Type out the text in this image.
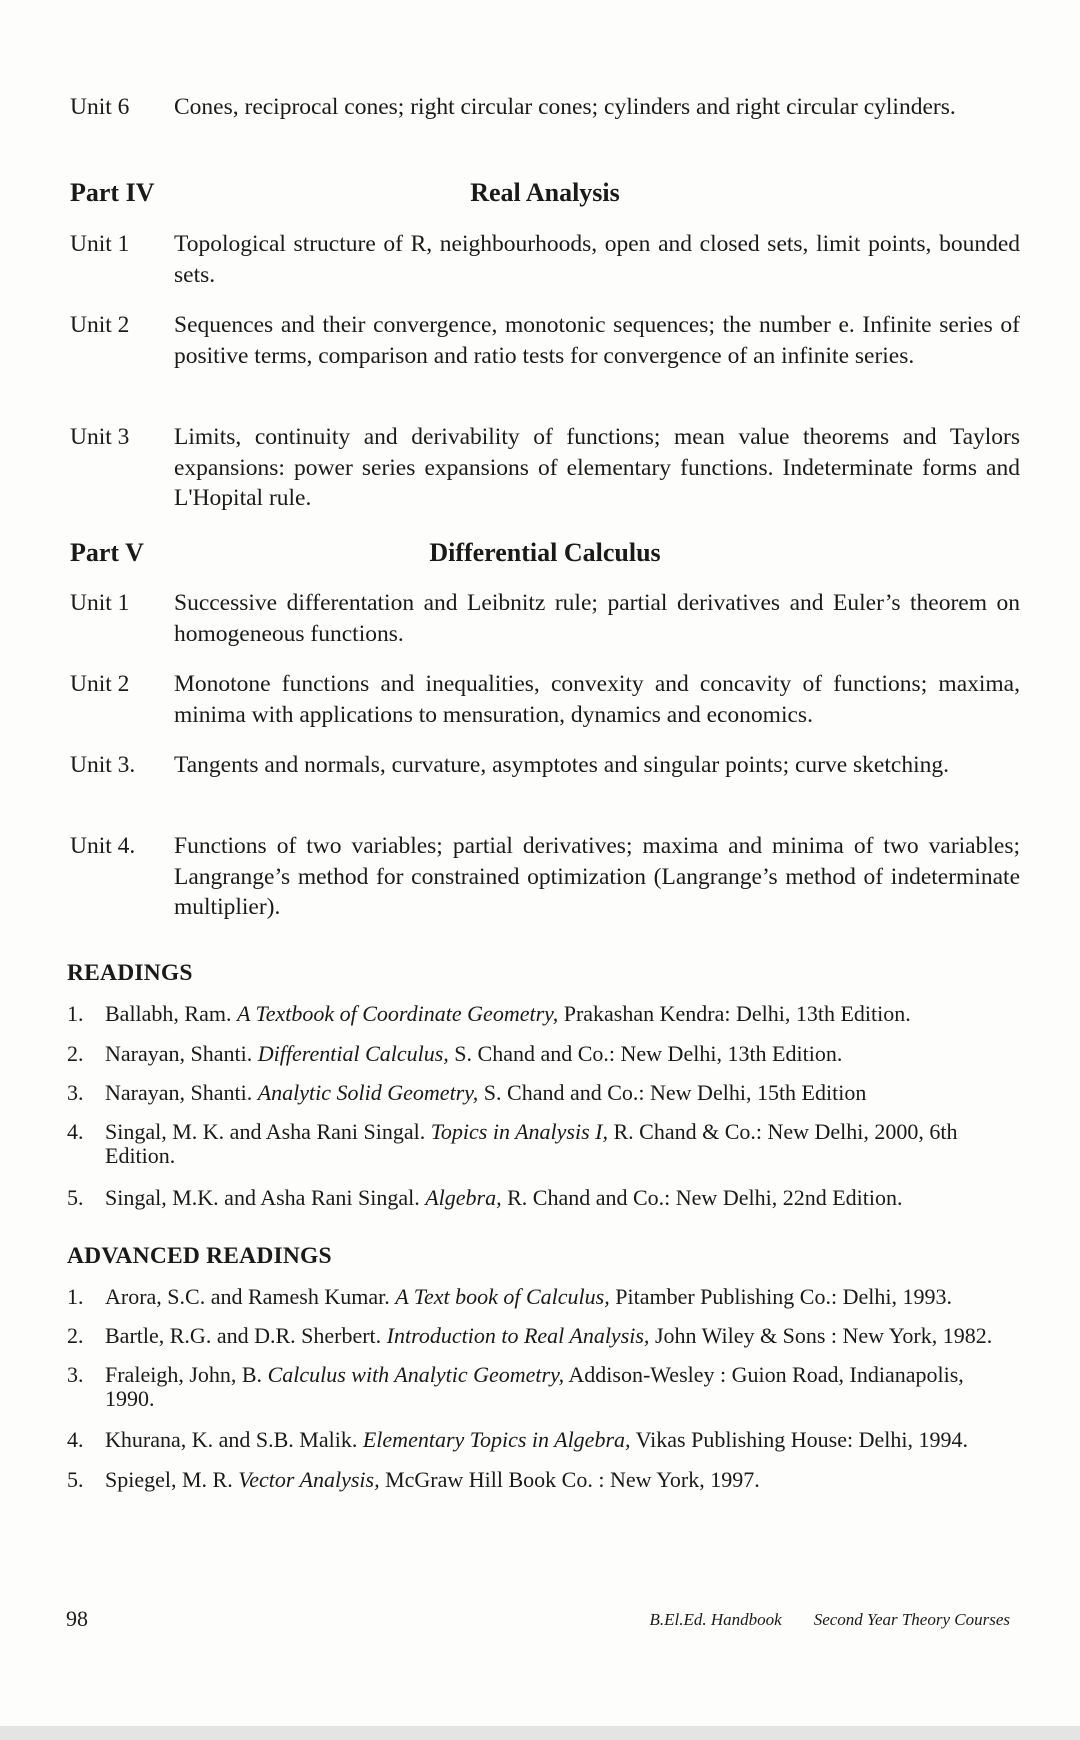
Unit 6	Cones, reciprocal cones; right circular cones; cylinders and right circular cylinders.
Part IV	Real Analysis
Unit 1	Topological structure of R, neighbourhoods, open and closed sets, limit points, bounded sets.
Unit 2	Sequences and their convergence, monotonic sequences; the number e. Infinite series of positive terms, comparison and ratio tests for convergence of an infinite series.
Unit 3	Limits, continuity and derivability of functions; mean value theorems and Taylors expansions: power series expansions of elementary functions. Indeterminate forms and L'Hopital rule.
Part V	Differential Calculus
Unit 1	Successive differentation and Leibnitz rule; partial derivatives and Euler’s theorem on homogeneous functions.
Unit 2	Monotone functions and inequalities, convexity and concavity of functions; maxima, minima with applications to mensuration, dynamics and economics.
Unit 3.	Tangents and normals, curvature, asymptotes and singular points; curve sketching.
Unit 4.	Functions of two variables; partial derivatives; maxima and minima of two variables; Langrange’s method for constrained optimization (Langrange’s method of indeterminate multiplier).
READINGS
1. Ballabh, Ram. A Textbook of Coordinate Geometry, Prakashan Kendra: Delhi, 13th Edition.
2. Narayan, Shanti. Differential Calculus, S. Chand and Co.: New Delhi, 13th Edition.
3. Narayan, Shanti. Analytic Solid Geometry, S. Chand and Co.: New Delhi, 15th Edition
4. Singal, M. K. and Asha Rani Singal. Topics in Analysis I, R. Chand & Co.: New Delhi, 2000, 6th Edition.
5. Singal, M.K. and Asha Rani Singal. Algebra, R. Chand and Co.: New Delhi, 22nd Edition.
ADVANCED READINGS
1. Arora, S.C. and Ramesh Kumar. A Text book of Calculus, Pitamber Publishing Co.: Delhi, 1993.
2. Bartle, R.G. and D.R. Sherbert. Introduction to Real Analysis, John Wiley & Sons : New York, 1982.
3. Fraleigh, John, B. Calculus with Analytic Geometry, Addison-Wesley : Guion Road, Indianapolis, 1990.
4. Khurana, K. and S.B. Malik. Elementary Topics in Algebra, Vikas Publishing House: Delhi, 1994.
5. Spiegel, M. R. Vector Analysis, McGraw Hill Book Co. : New York, 1997.
98	B.El.Ed. Handbook Second Year Theory Courses
